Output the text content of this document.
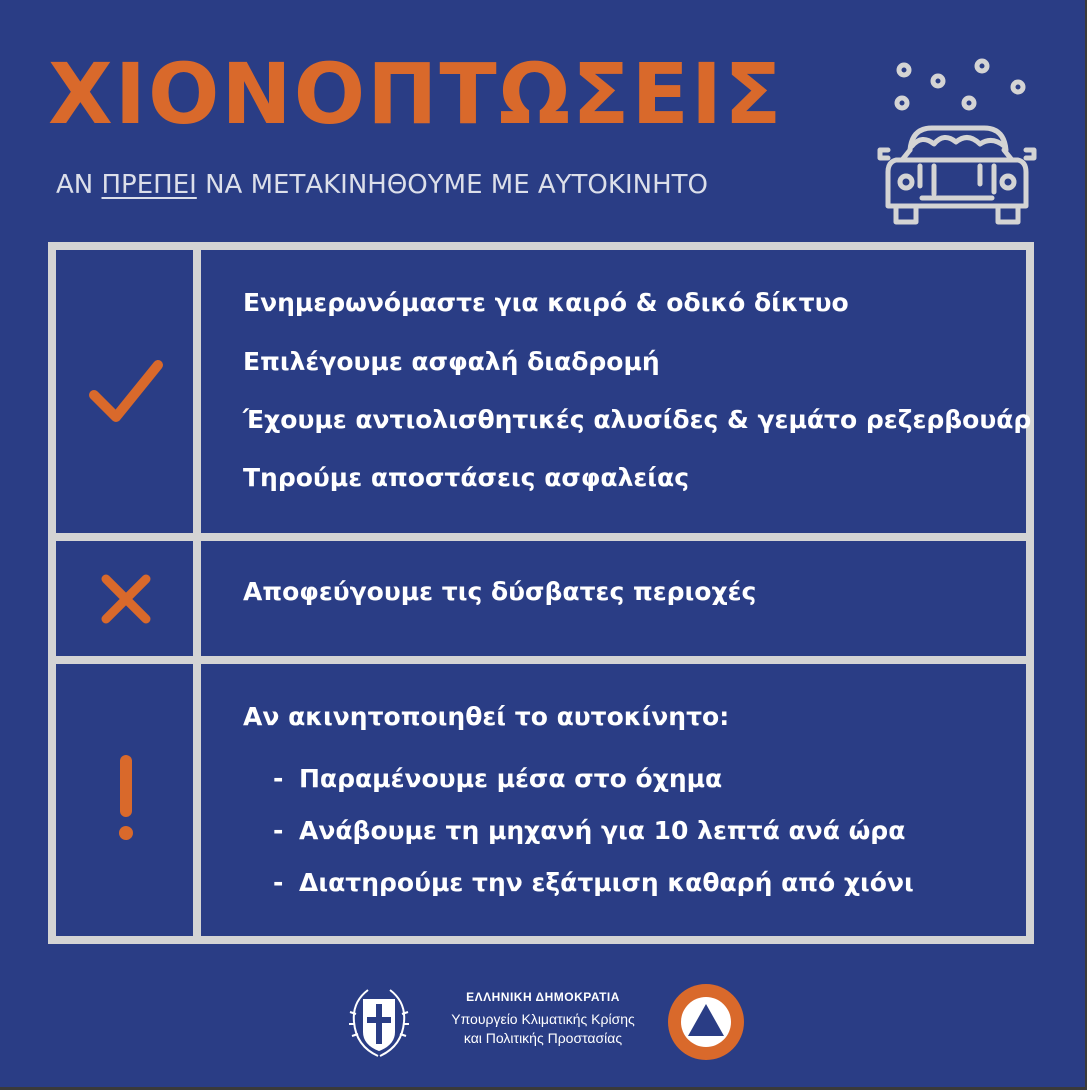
ΧΙΟΝΟΠΤΩΣΕΙΣ
ΑΝ ΠΡΕΠΕΙ ΝΑ ΜΕΤΑΚΙΝΗΘΟΥΜΕ ΜΕ ΑΥΤΟΚΙΝΗΤΟ
Ενημερωνόμαστε για καιρό & οδικό δίκτυο
Επιλέγουμε ασφαλή διαδρομή
Έχουμε αντιολισθητικές αλυσίδες & γεμάτο ρεζερβουάρ
Τηρούμε αποστάσεις ασφαλείας
Αποφεύγουμε τις δύσβατες περιοχές
Αν ακινητοποιηθεί το αυτοκίνητο:
- Παραμένουμε μέσα στο όχημα
- Ανάβουμε τη μηχανή για 10 λεπτά ανά ώρα
- Διατηρούμε την εξάτμιση καθαρή από χιόνι
ΕΛΛΗΝΙΚΗ ΔΗΜΟΚΡΑΤΙΑ
Υπουργείο Κλιματικής Κρίσης
και Πολιτικής Προστασίας
